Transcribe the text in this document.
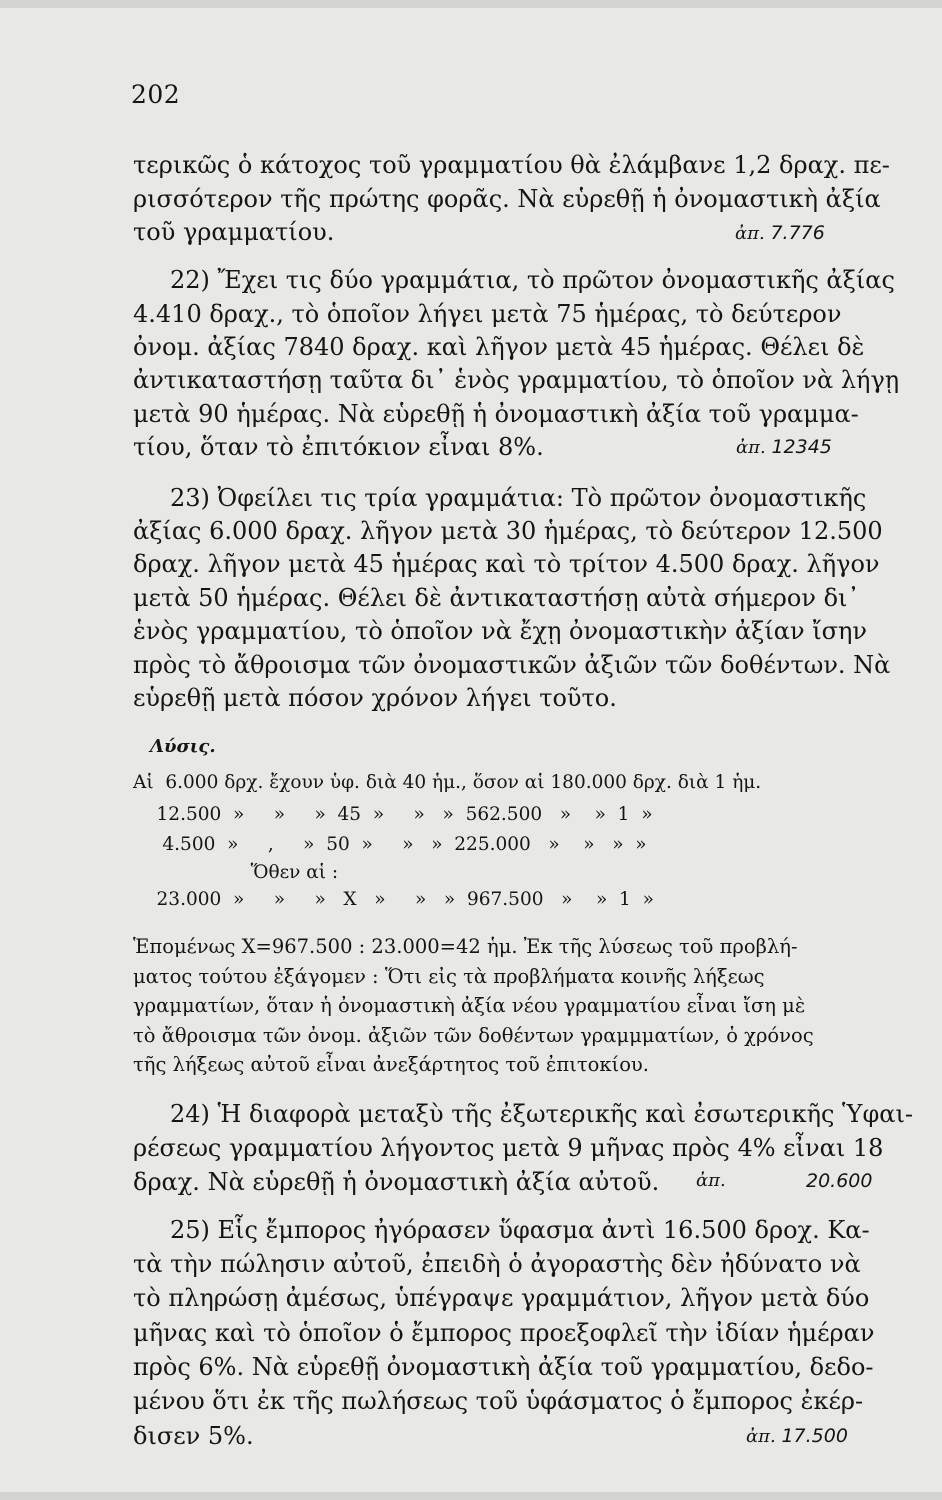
202
τερικῶς ὁ κάτοχος τοῦ γραμματίου θὰ ἐλάμβανε 1,2 δραχ. πε-
ρισσότερον τῆς πρώτης φορᾶς. Νὰ εὑρεθῇ ἡ ὀνομαστικὴ ἀξία
τοῦ γραμματίου.	ἀπ. 7.776
22) Ἔχει τις δύο γραμμάτια, τὸ πρῶτον ὀνομαστικῆς ἀξίας
4.410 δραχ., τὸ ὁποῖον λήγει μετὰ 75 ἡμέρας, τὸ δεύτερον
ὀνομ. ἀξίας 7840 δραχ. καὶ λῆγον μετὰ 45 ἡμέρας. Θέλει δὲ
ἀντικαταστήσῃ ταῦτα δι᾽ ἑνὸς γραμματίου, τὸ ὁποῖον νὰ λήγῃ
μετὰ 90 ἡμέρας. Νὰ εὑρεθῇ ἡ ὀνομαστικὴ ἀξία τοῦ γραμμα-
τίου, ὅταν τὸ ἐπιτόκιον εἶναι 8%.	ἀπ. 12345
23) Ὀφείλει τις τρία γραμμάτια: Τὸ πρῶτον ὀνομαστικῆς
ἀξίας 6.000 δραχ. λῆγον μετὰ 30 ἡμέρας, τὸ δεύτερον 12.500
δραχ. λῆγον μετὰ 45 ἡμέρας καὶ τὸ τρίτον 4.500 δραχ. λῆγον
μετὰ 50 ἡμέρας. Θέλει δὲ ἀντικαταστήσῃ αὐτὰ σήμερον δι᾽
ἑνὸς γραμματίου, τὸ ὁποῖον νὰ ἔχῃ ὀνομαστικὴν ἀξίαν ἴσην
πρὸς τὸ ἄθροισμα τῶν ὀνομαστικῶν ἀξιῶν τῶν δοθέντων. Νὰ
εὑρεθῇ μετὰ πόσον χρόνον λήγει τοῦτο.
Λύσις.
Αἱ  6.000 δρχ. ἔχουν ὑφ. διὰ 40 ἡμ., ὅσον αἱ 180.000 δρχ. διὰ 1 ἡμ.
12.500  »     »     »  45  »     »   »  562.500   »    »  1  »
4.500  »     ,     »  50  »     »   »  225.000   »    »   »  »
Ὅθεν αἱ :
23.000  »     »     »   X   »     »   »  967.500   »    »  1  »
Ἑπομένως X=967.500 : 23.000=42 ἡμ. Ἐκ τῆς λύσεως τοῦ προβλή-
ματος τούτου ἐξάγομεν : Ὅτι εἰς τὰ προβλήματα κοινῆς λήξεως
γραμματίων, ὅταν ἡ ὀνομαστικὴ ἀξία νέου γραμματίου εἶναι ἴση μὲ
τὸ ἄθροισμα τῶν ὀνομ. ἀξιῶν τῶν δοθέντων γραμμματίων, ὁ χρόνος
τῆς λήξεως αὐτοῦ εἶναι ἀνεξάρτητος τοῦ ἐπιτοκίου.
24) Ἡ διαφορὰ μεταξὺ τῆς ἐξωτερικῆς καὶ ἐσωτερικῆς Ὑφαι-
ρέσεως γραμματίου λήγοντος μετὰ 9 μῆνας πρὸς 4% εἶναι 18
δραχ. Νὰ εὑρεθῇ ἡ ὀνομαστικὴ ἀξία αὐτοῦ.	ἀπ.	20.600
25) Εἷς ἔμπορος ἠγόρασεν ὕφασμα ἀντὶ 16.500 δροχ. Κα-
τὰ τὴν πώλησιν αὐτοῦ, ἐπειδὴ ὁ ἀγοραστὴς δὲν ἠδύνατο νὰ
τὸ πληρώσῃ ἀμέσως, ὑπέγραψε γραμμάτιον, λῆγον μετὰ δύο
μῆνας καὶ τὸ ὁποῖον ὁ ἔμπορος προεξοφλεῖ τὴν ἰδίαν ἡμέραν
πρὸς 6%. Νὰ εὑρεθῇ ὀνομαστικὴ ἀξία τοῦ γραμματίου, δεδο-
μένου ὅτι ἐκ τῆς πωλήσεως τοῦ ὑφάσματος ὁ ἔμπορος ἐκέρ-
δισεν 5%.	ἀπ. 17.500
